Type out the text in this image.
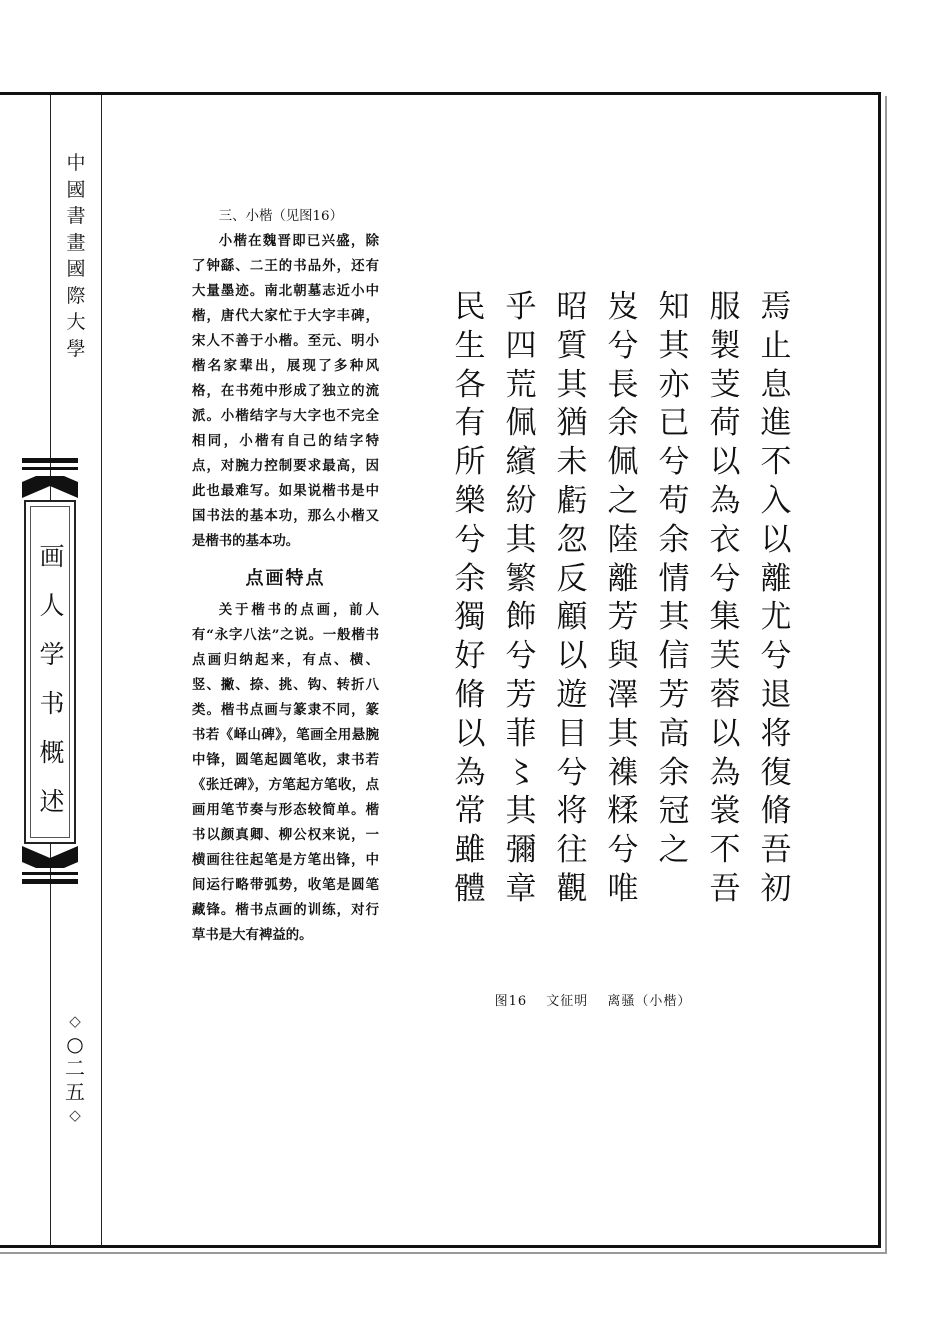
中
國
書
畫
國
際
大
學
画
人
学
书
概
述
◇
○
二
五
◇

三、小楷（见图16）

小楷在魏晋即已兴盛，除了钟繇、二王的书品外，还有大量墨迹。南北朝墓志近小中楷，唐代大家忙于大字丰碑，宋人不善于小楷。至元、明小楷名家辈出，展现了多种风格，在书苑中形成了独立的流派。小楷结字与大字也不完全相同，小楷有自己的结字特点，对腕力控制要求最高，因此也最难写。如果说楷书是中国书法的基本功，那么小楷又是楷书的基本功。

点画特点

关于楷书的点画，前人有“永字八法”之说。一般楷书点画归纳起来，有点、横、竖、撇、捺、挑、钩、转折八类。楷书点画与篆隶不同，篆书若《峄山碑》，笔画全用悬腕中锋，圆笔起圆笔收，隶书若《张迁碑》，方笔起方笔收，点画用笔节奏与形态较简单。楷书以颜真卿、柳公权来说，一横画往往起笔是方笔出锋，中间运行略带弧势，收笔是圆笔藏锋。楷书点画的训练，对行草书是大有裨益的。

焉
止
息
進
不
入
以
離
尤
兮
退
将
復
脩
吾
初
服
製
芰
荷
以
為
衣
兮
集
芙
蓉
以
為
裳
不
吾
知
其
亦
已
兮
苟
余
情
其
信
芳
高
余
冠
之
岌
兮
長
余
佩
之
陸
離
芳
與
澤
其
襍
糅
兮
唯
昭
質
其
猶
未
虧
忽
反
顧
以
遊
目
兮
将
往
觀
乎
四
荒
佩
繽
紛
其
繁
飾
兮
芳
菲
〻
其
彌
章
民
生
各
有
所
樂
兮
余
獨
好
脩
以
為
常
雖
體
图16 文征明 离骚（小楷）
